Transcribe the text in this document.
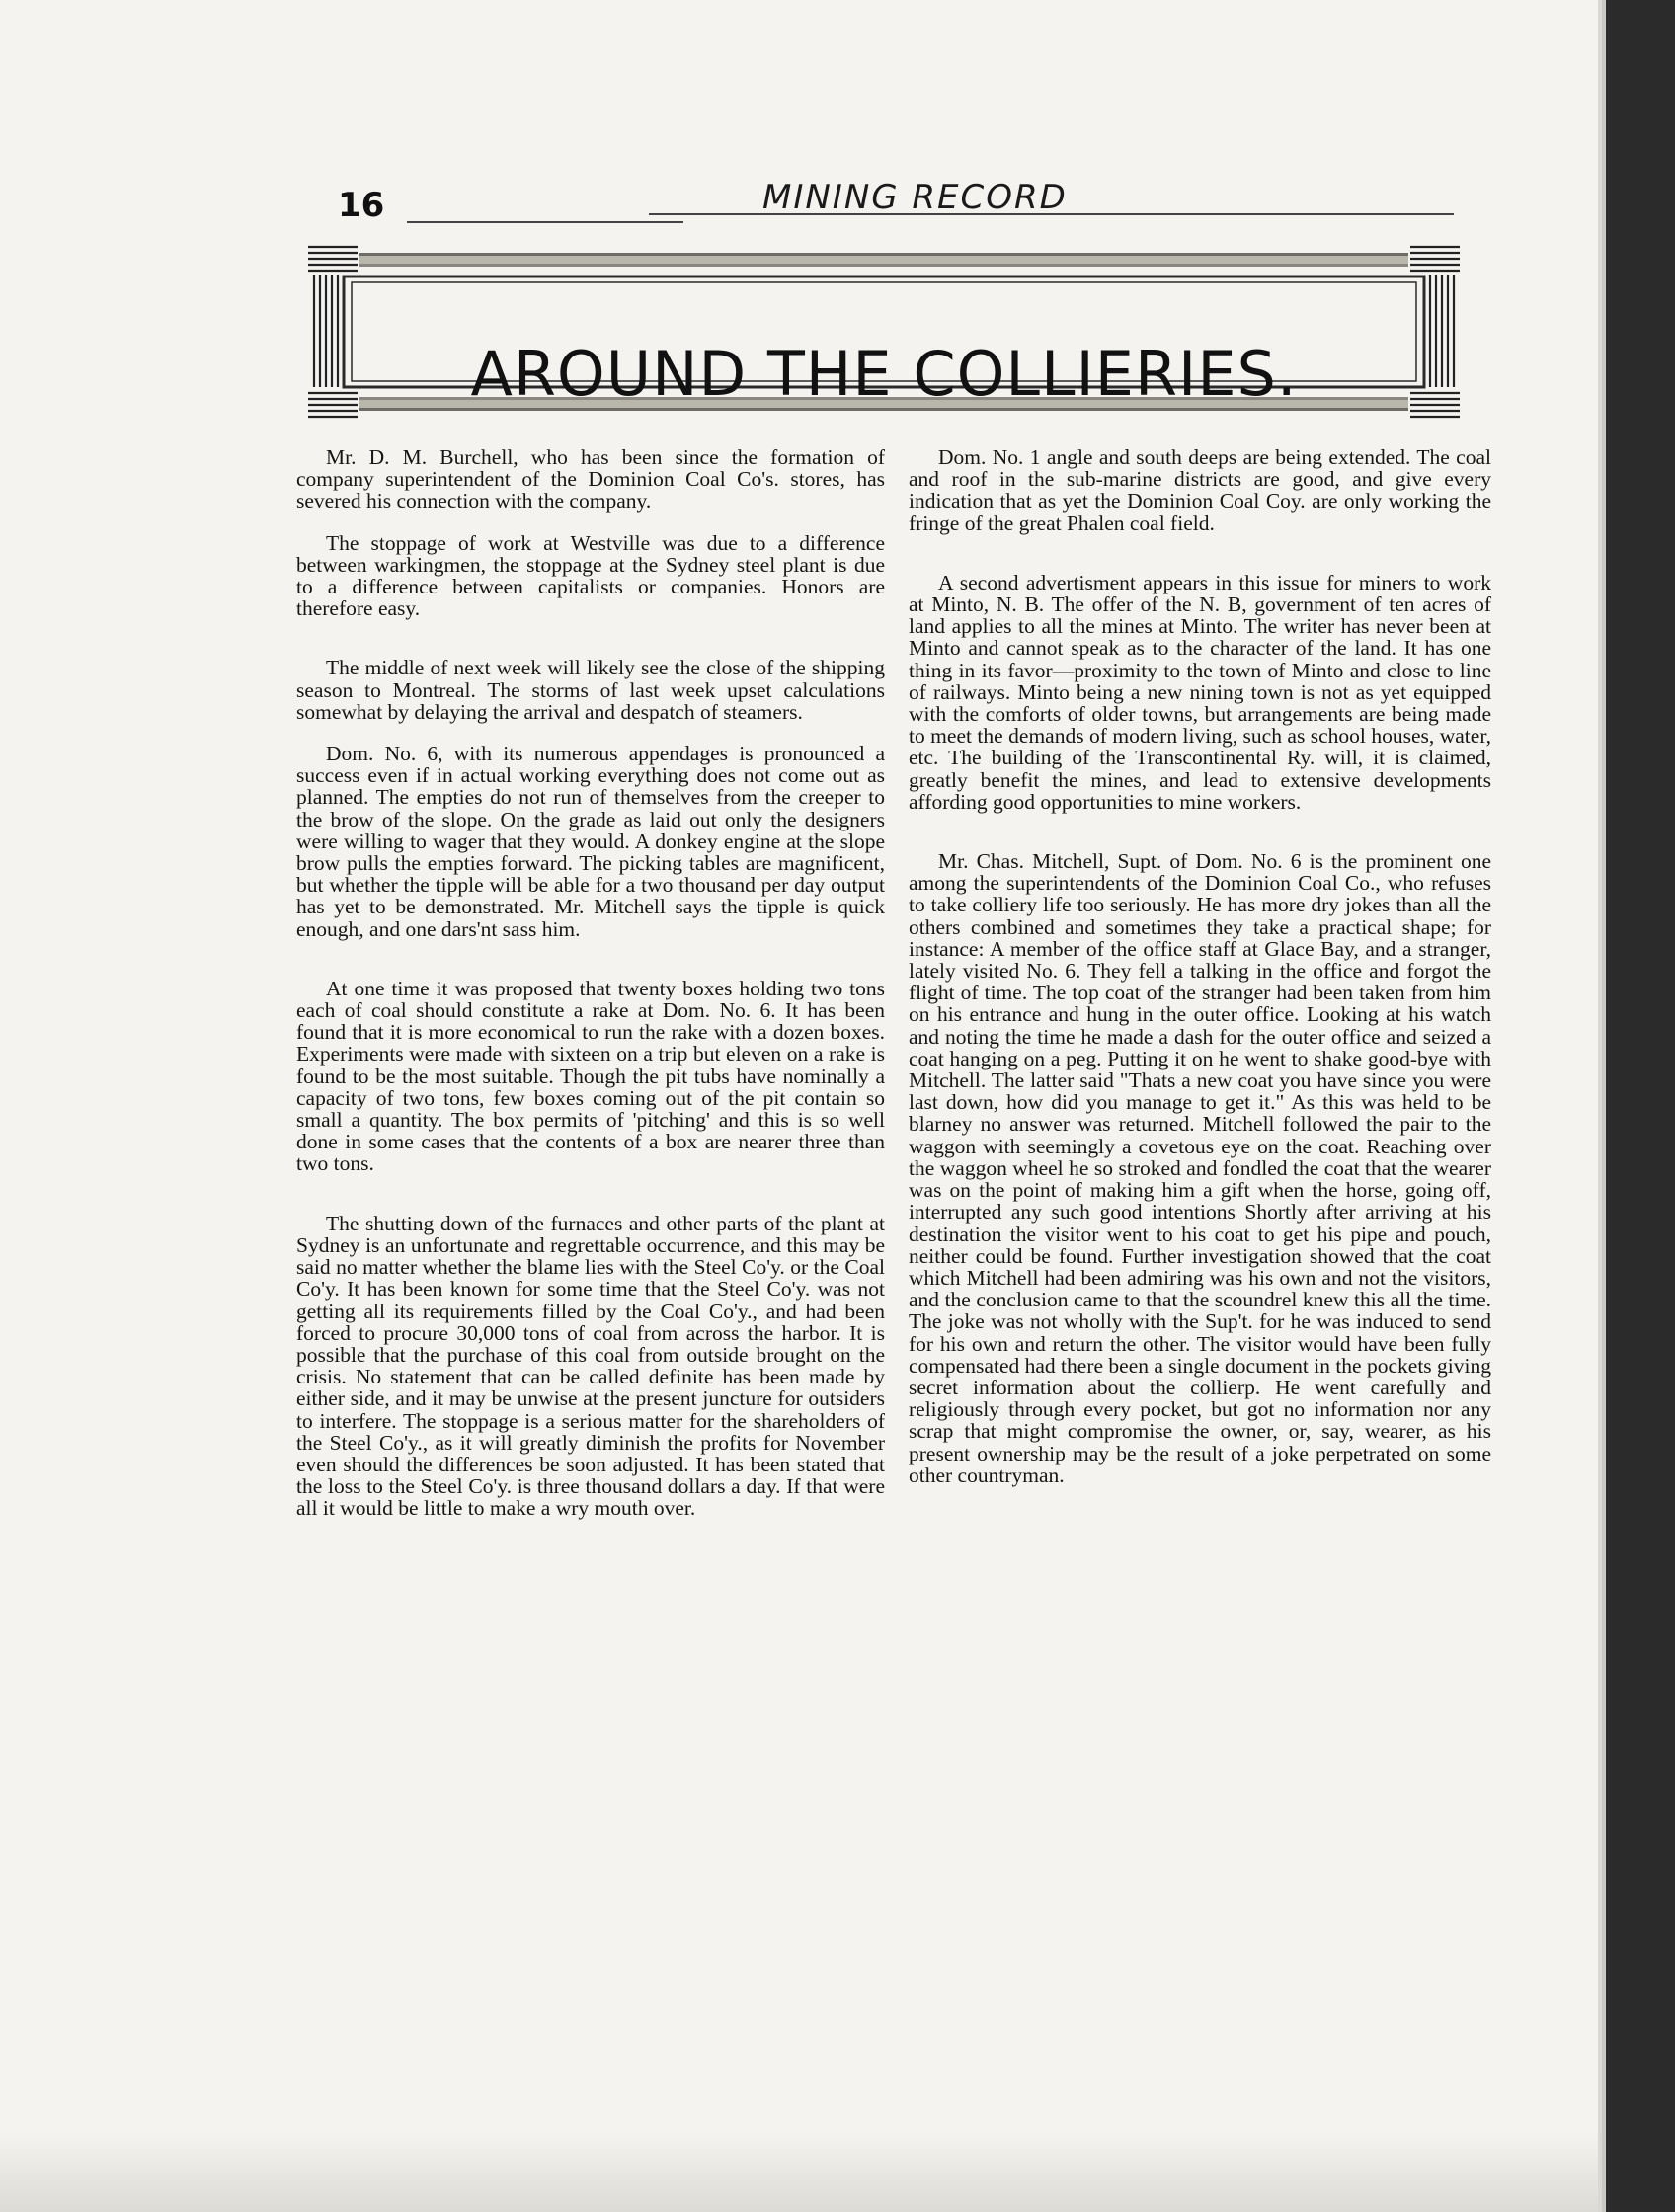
16	MINING RECORD
AROUND THE COLLIERIES.

Mr. D. M. Burchell, who has been since the formation of company superintendent of the Dominion Coal Co's. stores, has severed his connection with the company.

The stoppage of work at Westville was due to a difference between warkingmen, the stoppage at the Sydney steel plant is due to a difference between capitalists or companies. Honors are therefore easy.

The middle of next week will likely see the close of the shipping season to Montreal. The storms of last week upset calculations somewhat by delaying the arrival and despatch of steamers.

Dom. No. 6, with its numerous appendages is pronounced a success even if in actual working everything does not come out as planned. The empties do not run of themselves from the creeper to the brow of the slope. On the grade as laid out only the designers were willing to wager that they would. A donkey engine at the slope brow pulls the empties forward. The picking tables are magnificent, but whether the tipple will be able for a two thousand per day output has yet to be demonstrated. Mr. Mitchell says the tipple is quick enough, and one dars'nt sass him.

At one time it was proposed that twenty boxes holding two tons each of coal should constitute a rake at Dom. No. 6. It has been found that it is more economical to run the rake with a dozen boxes. Experiments were made with sixteen on a trip but eleven on a rake is found to be the most suitable. Though the pit tubs have nominally a capacity of two tons, few boxes coming out of the pit contain so small a quantity. The box permits of 'pitching' and this is so well done in some cases that the contents of a box are nearer three than two tons.

The shutting down of the furnaces and other parts of the plant at Sydney is an unfortunate and regrettable occurrence, and this may be said no matter whether the blame lies with the Steel Co'y. or the Coal Co'y. It has been known for some time that the Steel Co'y. was not getting all its requirements filled by the Coal Co'y., and had been forced to procure 30,000 tons of coal from across the harbor. It is possible that the purchase of this coal from outside brought on the crisis. No statement that can be called definite has been made by either side, and it may be unwise at the present juncture for outsiders to interfere. The stoppage is a serious matter for the shareholders of the Steel Co'y., as it will greatly diminish the profits for November even should the differences be soon adjusted. It has been stated that the loss to the Steel Co'y. is three thousand dollars a day. If that were all it would be little to make a wry mouth over.

Dom. No. 1 angle and south deeps are being extended. The coal and roof in the sub-marine districts are good, and give every indication that as yet the Dominion Coal Coy. are only working the fringe of the great Phalen coal field.

A second advertisment appears in this issue for miners to work at Minto, N. B. The offer of the N. B, government of ten acres of land applies to all the mines at Minto. The writer has never been at Minto and cannot speak as to the character of the land. It has one thing in its favor—proximity to the town of Minto and close to line of railways. Minto being a new nining town is not as yet equipped with the comforts of older towns, but arrangements are being made to meet the demands of modern living, such as school houses, water, etc. The building of the Transcontinental Ry. will, it is claimed, greatly benefit the mines, and lead to extensive developments affording good opportunities to mine workers.

Mr. Chas. Mitchell, Supt. of Dom. No. 6 is the prominent one among the superintendents of the Dominion Coal Co., who refuses to take colliery life too seriously. He has more dry jokes than all the others combined and sometimes they take a practical shape; for instance: A member of the office staff at Glace Bay, and a stranger, lately visited No. 6. They fell a talking in the office and forgot the flight of time. The top coat of the stranger had been taken from him on his entrance and hung in the outer office. Looking at his watch and noting the time he made a dash for the outer office and seized a coat hanging on a peg. Putting it on he went to shake good-bye with Mitchell. The latter said "Thats a new coat you have since you were last down, how did you manage to get it." As this was held to be blarney no answer was returned. Mitchell followed the pair to the waggon with seemingly a covetous eye on the coat. Reaching over the waggon wheel he so stroked and fondled the coat that the wearer was on the point of making him a gift when the horse, going off, interrupted any such good intentions Shortly after arriving at his destination the visitor went to his coat to get his pipe and pouch, neither could be found. Further investigation showed that the coat which Mitchell had been admiring was his own and not the visitors, and the conclusion came to that the scoundrel knew this all the time. The joke was not wholly with the Sup't. for he was induced to send for his own and return the other. The visitor would have been fully compensated had there been a single document in the pockets giving secret information about the collierp. He went carefully and religiously through every pocket, but got no information nor any scrap that might compromise the owner, or, say, wearer, as his present ownership may be the result of a joke perpetrated on some other countryman.
